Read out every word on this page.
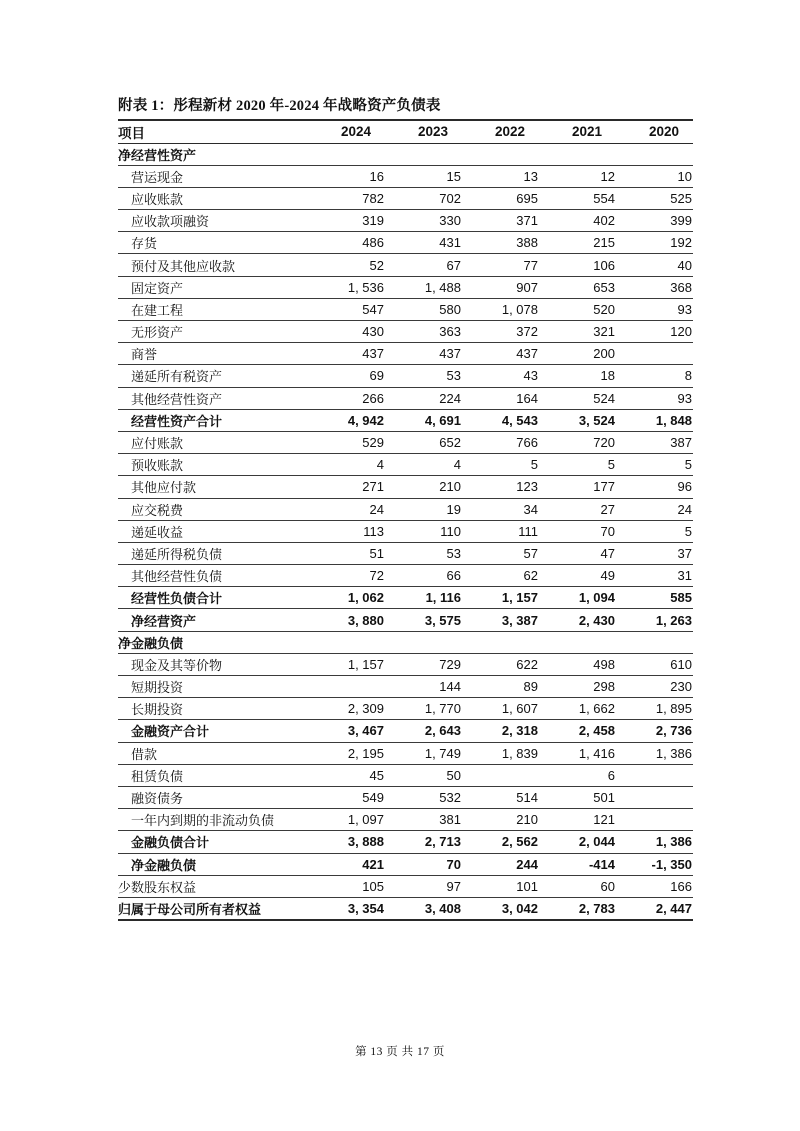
附表 1：彤程新材 2020 年-2024 年战略资产负债表
项目	2024	2023	2022	2021	2020
净经营性资产					
营运现金	16	15	13	12	10
应收账款	782	702	695	554	525
应收款项融资	319	330	371	402	399
存货	486	431	388	215	192
预付及其他应收款	52	67	77	106	40
固定资产	1, 536	1, 488	907	653	368
在建工程	547	580	1, 078	520	93
无形资产	430	363	372	321	120
商誉	437	437	437	200	
递延所有税资产	69	53	43	18	8
其他经营性资产	266	224	164	524	93
经营性资产合计	4, 942	4, 691	4, 543	3, 524	1, 848
应付账款	529	652	766	720	387
预收账款	4	4	5	5	5
其他应付款	271	210	123	177	96
应交税费	24	19	34	27	24
递延收益	113	110	111	70	5
递延所得税负债	51	53	57	47	37
其他经营性负债	72	66	62	49	31
经营性负债合计	1, 062	1, 116	1, 157	1, 094	585
净经营资产	3, 880	3, 575	3, 387	2, 430	1, 263
净金融负债					
现金及其等价物	1, 157	729	622	498	610
短期投资		144	89	298	230
长期投资	2, 309	1, 770	1, 607	1, 662	1, 895
金融资产合计	3, 467	2, 643	2, 318	2, 458	2, 736
借款	2, 195	1, 749	1, 839	1, 416	1, 386
租赁负债	45	50		6	
融资债务	549	532	514	501	
一年内到期的非流动负债	1, 097	381	210	121	
金融负债合计	3, 888	2, 713	2, 562	2, 044	1, 386
净金融负债	421	70	244	-414	-1, 350
少数股东权益	105	97	101	60	166
归属于母公司所有者权益	3, 354	3, 408	3, 042	2, 783	2, 447
第 13 页 共 17 页
